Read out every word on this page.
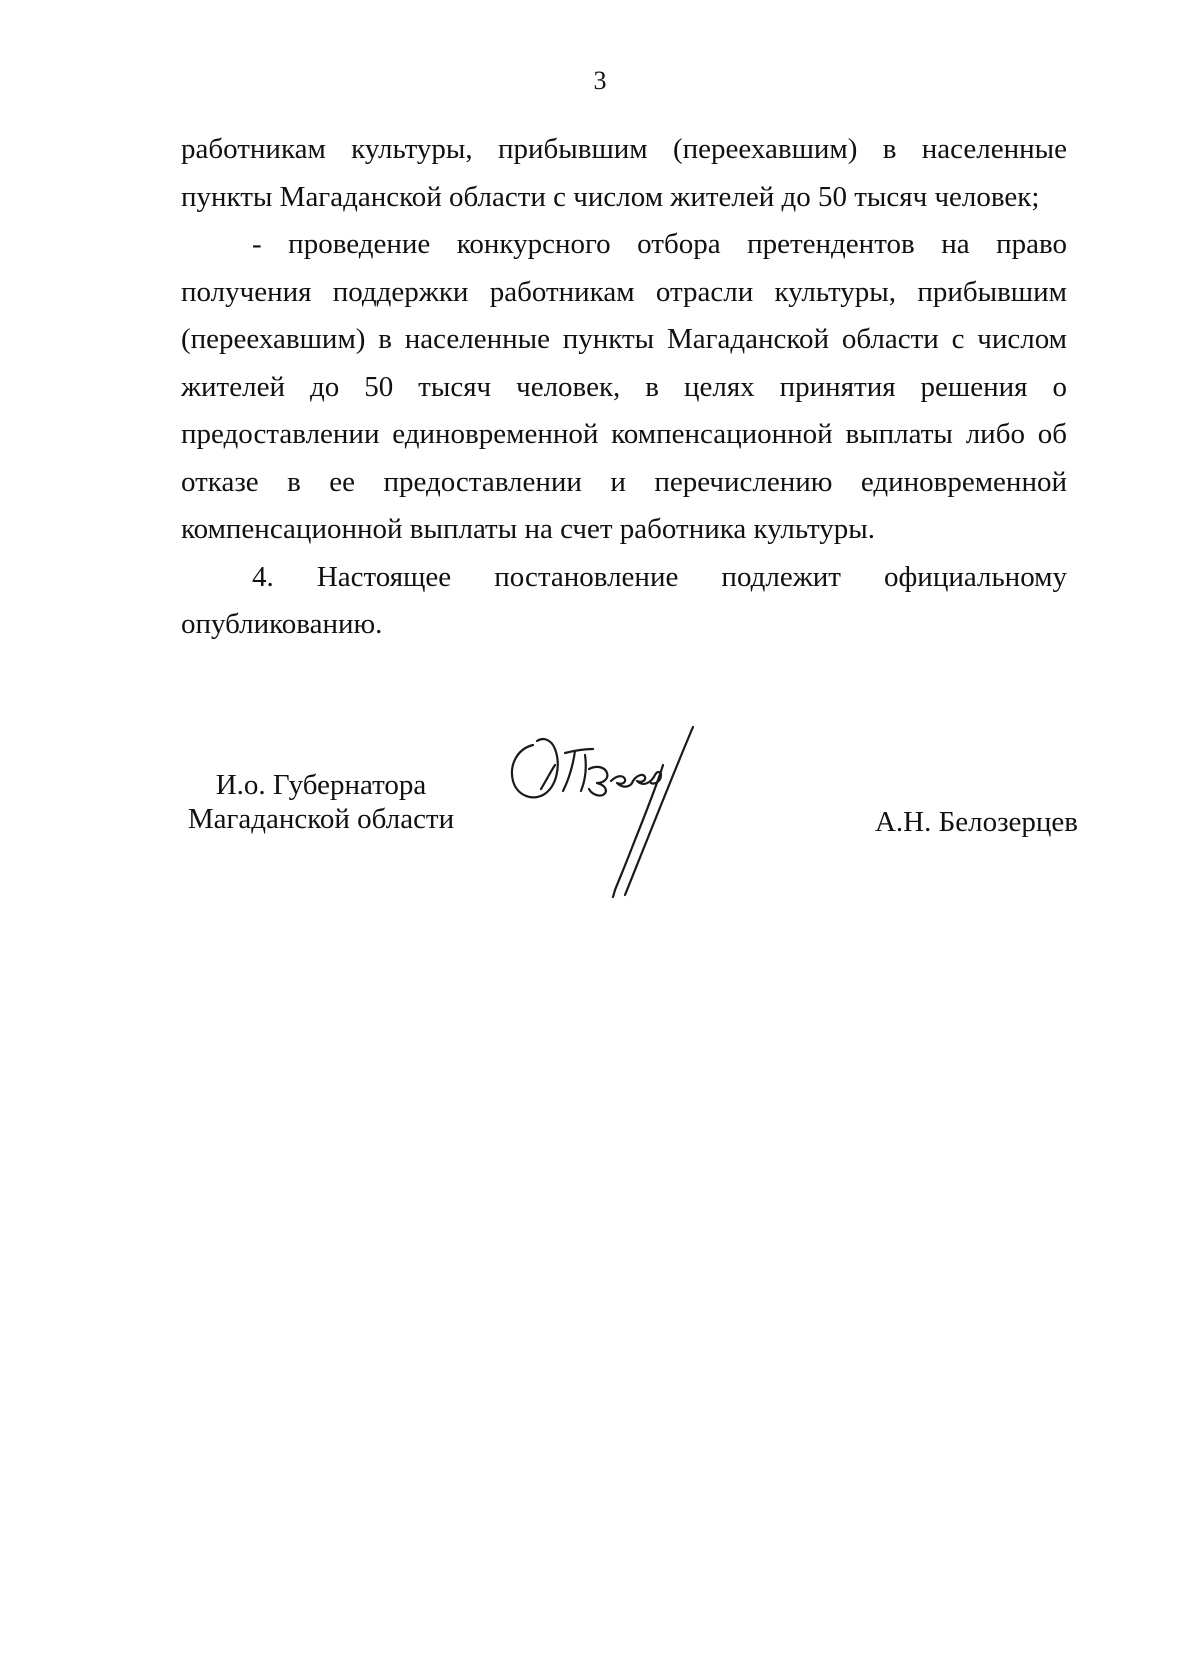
3

работникам культуры, прибывшим (переехавшим) в населенные пункты Магаданской области с числом жителей до 50 тысяч человек;

- проведение конкурсного отбора претендентов на право получения поддержки работникам отрасли культуры, прибывшим (переехавшим) в населенные пункты Магаданской области с числом жителей до 50 тысяч человек, в целях принятия решения о предоставлении единовременной компенсационной выплаты либо об отказе в ее предоставлении и перечислению единовременной компенсационной выплаты на счет работника культуры.

4. Настоящее постановление подлежит официальному опубликованию.

И.о. Губернатора
Магаданской области	А.Н. Белозерцев
